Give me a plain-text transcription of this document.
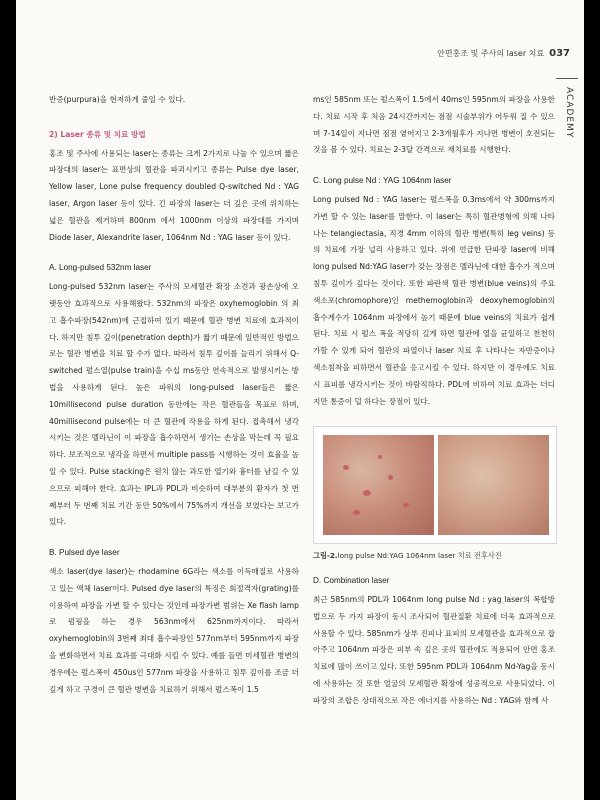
안면홍조 및 주사의 laser 치료 037
ACADEMY

반증(purpura)을 현저하게 줄일 수 있다.

2) Laser 종류 및 치료 방법

홍조 및 주사에 사용되는 laser는 종류는 크게 2가지로 나눌 수 있으며 짧은 파장대의 laser는 표면상의 혈관을 파괴시키고 종류는 Pulse dye laser, Yellow laser, Lone pulse frequency doubled Q-switched Nd : YAG laser, Argon laser 등이 있다. 긴 파장의 laser는 더 깊은 곳에 위치하는 넓은 혈관을 제거하며 800nm 에서 1000nm 이상의 파장대를 가지며 Diode laser, Alexandrite laser, 1064nm Nd : YAG laser 등이 있다.

A. Long-pulsed 532nm laser

Long-pulsed 532nm laser는 주사의 모세혈관 확장 소견과 광손상에 오랫동안 효과적으로 사용해왔다. 532nm의 파장은 oxyhemoglobin 의 최고 흡수파장(542nm)에 근접하여 있기 때문에 혈관 병변 치료에 효과적이다. 하지만 침투 깊이(penetration depth)가 짧기 때문에 일반적인 방법으로는 혈관 병변을 치료 할 수가 없다. 따라서 침투 깊이를 늘리기 위해서 Q-switched 펄스열(pulse train)을 수십 ms동안 연속적으로 발생시키는 방법을 사용하게 된다. 높은 파워의 long-pulsed laser들은 짧은 10millisecond pulse duration 동안에는 작은 혈관들을 목표로 하며, 40millisecond pulse에는 더 큰 혈관에 작용을 하게 된다. 접촉해서 냉각시키는 것은 멜라닌이 이 파장을 흡수하면서 생기는 손상을 막는데 꼭 필요하다. 보조적으로 냉각을 하면서 multiple pass를 시행하는 것이 효율을 높일 수 있다. Pulse stacking은 원치 않는 과도한 열기와 흉터를 남길 수 있으므로 피해야 한다. 효과는 IPL과 PDL과 비슷하여 대부분의 환자가 첫 번째부터 두 번째 치료 기간 동안 50%에서 75%까지 개선을 보였다는 보고가 있다.

B. Pulsed dye laser

색소 laser(dye laser)는 rhodamine 6G라는 색소를 이득매질로 사용하고 있는 액체 laser이다. Pulsed dye laser의 특징은 회절격자(grating)를 이용하여 파장을 가변 할 수 있다는 것인데 파장가변 범위는 Xe flash lamp로 펌핑을 하는 경우 563nm에서 625nm까지이다. 따라서 oxyhemoglobin의 3번째 최대 흡수파장인 577nm부터 595nm까지 파장을 변화하면서 치료 효과를 극대화 시킬 수 있다. 예를 들면 미세혈관 병변의 경우에는 펄스폭이 450us인 577nm 파장을 사용하고 침투 깊이를 조금 더 깊게 하고 구경이 큰 혈관 병변을 치료하기 위해서 펄스폭이 1.5

ms인 585nm 또는 펄스폭이 1.5에서 40ms인 595nm의 파장을 사용한다. 치료 시작 후 처음 24시간까지는 점점 시술부위가 어두워 질 수 있으며 7-14일이 지나면 점점 옅어지고 2-3개월후가 지나면 병변이 호전되는 것을 볼 수 있다. 치료는 2-3달 간격으로 재치료를 시행한다.

C. Long pulse Nd : YAG 1064nm laser

Long pulsed Nd : YAG laser는 펄스폭을 0.3ms에서 약 300ms까지 가변 할 수 있는 laser를 말한다. 이 laser는 특히 혈관병형에 의해 나타나는 telangiectasia, 직경 4mm 이하의 혈관 병변(특히 leg veins) 등의 치료에 가장 널리 사용하고 있다. 위에 언급한 단파장 laser에 비해 long pulsed Nd:YAG laser가 갖는 장점은 멜라닌에 대한 흡수가 적으며 침투 깊이가 깊다는 것이다. 또한 파란색 혈관 병변(blue veins)의 주요 색소포(chromophore)인 methemoglobin과 deoxyhemoglobin의 흡수계수가 1064nm 파장에서 높기 때문에 blue veins의 치료가 쉽게 된다. 치료 시 펄스 폭을 적당히 길게 하면 혈관에 열을 균일하고 천천히 가할 수 있게 되어 혈관의 파열이나 laser 치료 후 나타나는 자반증이나 색소침착을 피하면서 혈관을 응고시킬 수 있다. 하지만 이 경우에도 치료 시 표피를 냉각시키는 것이 바람직하다. PDL에 비하여 치료 효과는 더디지만 통증이 덜 하다는 장점이 있다.

그림-2.long pulse Nd:YAG 1064nm laser 치료 전후사진
D. Combination laser

최근 585nm의 PDL과 1064nm long pulse Nd : yag laser의 복합방법으로 두 가지 파장이 동시 조사되어 혈관질환 치료에 더욱 효과적으로 사용할 수 있다. 585nm가 상부 진피나 표피의 모세혈관을 효과적으로 잡아주고 1064nm 파장은 피부 속 깊은 곳의 혈관에도 적용되어 안면 홍조 치료에 많이 쓰이고 있다. 또한 595nm PDL과 1064nm Nd-Yag을 동시에 사용하는 것 또한 얼굴의 모세혈관 확장에 성공적으로 사용되었다. 이 파장의 조합은 상대적으로 작은 에너지를 사용하는 Nd : YAG와 함께 사
